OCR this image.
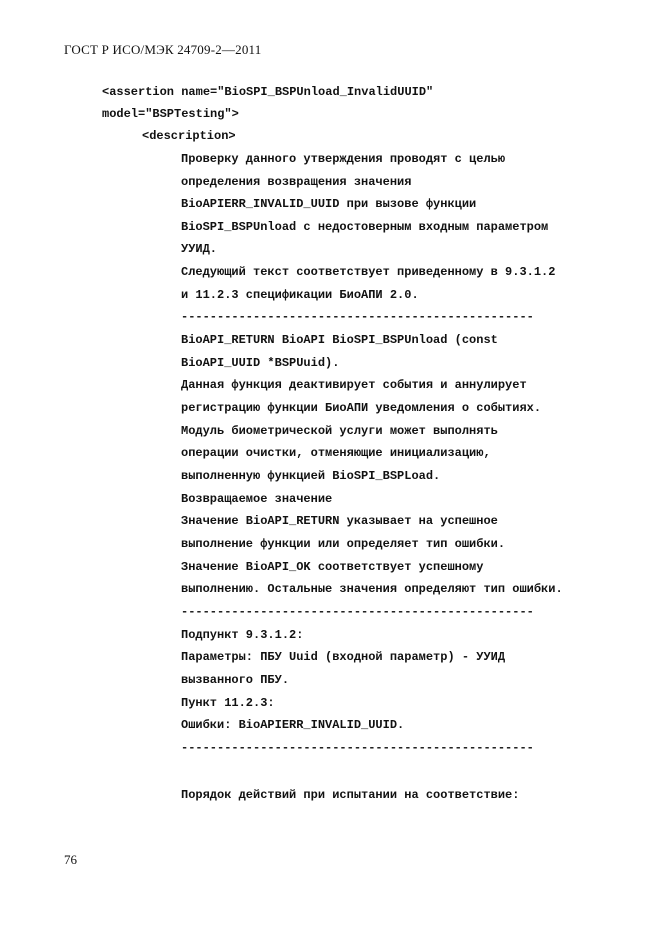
ГОСТ Р ИСО/МЭК 24709-2—2011
<assertion name="BioSPI_BSPUnload_InvalidUUID"
model="BSPTesting">
<description>
Проверку данного утверждения проводят с целью
определения возвращения значения
BioAPIERR_INVALID_UUID при вызове функции
BioSPI_BSPUnload с недостоверным входным параметром
УУИД.
Следующий текст соответствует приведенному в 9.3.1.2
и 11.2.3 спецификации БиоАПИ 2.0.
-------------------------------------------------
BioAPI_RETURN BioAPI BioSPI_BSPUnload (const
BioAPI_UUID *BSPUuid).
Данная функция деактивирует события и аннулирует
регистрацию функции БиоАПИ уведомления о событиях.
Модуль биометрической услуги может выполнять
операции очистки, отменяющие инициализацию,
выполненную функцией BioSPI_BSPLoad.
Возвращаемое значение
Значение BioAPI_RETURN указывает на успешное
выполнение функции или определяет тип ошибки.
Значение BioAPI_OK соответствует успешному
выполнению. Остальные значения определяют тип ошибки.
-------------------------------------------------
Подпункт 9.3.1.2:
Параметры: ПБУ Uuid (входной параметр) - УУИД
вызванного ПБУ.
Пункт 11.2.3:
Ошибки: BioAPIERR_INVALID_UUID.
-------------------------------------------------
Порядок действий при испытании на соответствие:
76
